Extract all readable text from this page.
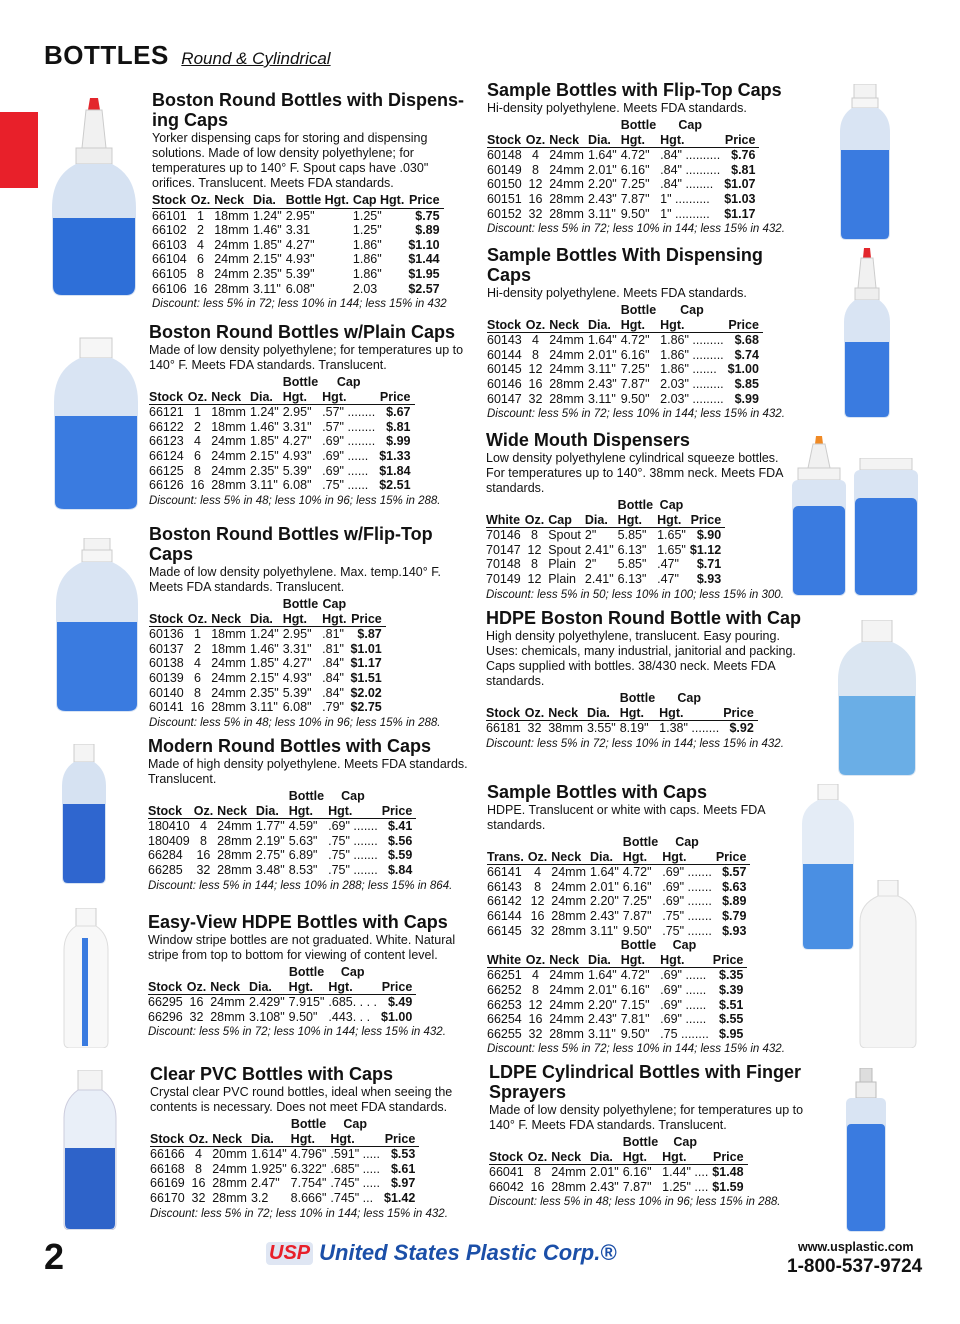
BOTTLES Round & Cylindrical
Boston Round Bottles with Dispens-ing Caps
Yorker dispensing caps for storing and dispensing solutions. Made of low density polyethylene; for temperatures up to 140° F. Spout caps have .030" orifices. Translucent. Meets FDA standards.

Stock	Oz.	Neck	Dia.	Bottle Hgt.	Cap Hgt.	Price
66101	1	18mm	1.24"	2.95"	1.25"	$.75
66102	2	18mm	1.46"	3.31	1.25"	$.89
66103	4	24mm	1.85"	4.27"	1.86"	$1.10
66104	6	24mm	2.15"	4.93"	1.86"	$1.44
66105	8	24mm	2.35"	5.39"	1.86"	$1.95
66106	16	28mm	3.11"	6.08"	2.03	$2.57
Discount: less 5% in 72; less 10% in 144; less 15% in 432
Boston Round Bottles w/Plain Caps
Made of low density polyethylene; for temperatures up to 140° F. Meets FDA standards. Translucent.
				Bottle	Cap	
Stock	Oz.	Neck	Dia.	Hgt.	Hgt.	Price
66121	1	18mm	1.24"	2.95"	.57" ........	$.67
66122	2	18mm	1.46"	3.31"	.57" ........	$.81
66123	4	24mm	1.85"	4.27"	.69" ........	$.99
66124	6	24mm	2.15"	4.93"	.69" ......	$1.33
66125	8	24mm	2.35"	5.39"	.69" ......	$1.84
66126	16	28mm	3.11"	6.08"	.75" ......	$2.51
Discount: less 5% in 48; less 10% in 96; less 15% in 288.
Boston Round Bottles w/Flip-Top Caps
Made of low density polyethylene. Max. temp.140° F. Meets FDA standards. Translucent.
				Bottle	Cap	
Stock	Oz.	Neck	Dia.	Hgt.	Hgt.	Price
60136	1	18mm	1.24"	2.95"	.81"	$.87
60137	2	18mm	1.46"	3.31"	.81"	$1.01
60138	4	24mm	1.85"	4.27"	.84"	$1.17
60139	6	24mm	2.15"	4.93"	.84"	$1.51
60140	8	24mm	2.35"	5.39"	.84"	$2.02
60141	16	28mm	3.11"	6.08"	.79"	$2.75
Discount: less 5% in 48; less 10% in 96; less 15% in 288.
Modern Round Bottles with Caps
Made of high density polyethylene. Meets FDA standards. Translucent.
				Bottle	Cap	
Stock	Oz.	Neck	Dia.	Hgt.	Hgt.	Price
180410	4	24mm	1.77"	4.59"	.69" .......	$.41
180409	8	28mm	2.19"	5.63"	.75" .......	$.56
66284	16	28mm	2.75"	6.89"	.75" .......	$.59
66285	32	28mm	3.48"	8.53"	.75" .......	$.84
Discount: less 5% in 144; less 10% in 288; less 15% in 864.
Easy-View HDPE Bottles with Caps
Window stripe bottles are not graduated. White. Natural stripe from top to bottom for viewing of content level.
				Bottle	Cap	
Stock	Oz.	Neck	Dia.	Hgt.	Hgt.	Price
66295	16	24mm	2.429"	7.915"	.685. . . .	$.49
66296	32	28mm	3.108"	9.50"	.443. . .	$1.00
Discount: less 5% in 72; less 10% in 144; less 15% in 432.
Clear PVC Bottles with Caps
Crystal clear PVC round bottles, ideal when seeing the contents is necessary. Does not meet FDA standards.
				Bottle	Cap	
Stock	Oz.	Neck	Dia.	Hgt.	Hgt.	Price
66166	4	20mm	1.614"	4.796"	.591" .....	$.53
66168	8	24mm	1.925"	6.322"	.685" .....	$.61
66169	16	28mm	2.47"	7.754"	.745" .....	$.97
66170	32	28mm	3.2	8.666"	.745" ...	$1.42
Discount: less 5% in 72; less 10% in 144; less 15% in 432.
Sample Bottles with Flip-Top Caps
Hi-density polyethylene. Meets FDA standards.
				Bottle	Cap	
Stock	Oz.	Neck	Dia.	Hgt.	Hgt.	Price
60148	4	24mm	1.64"	4.72"	.84" ..........	$.76
60149	8	24mm	2.01"	6.16"	.84" ..........	$.81
60150	12	24mm	2.20"	7.25"	.84" ........	$1.07
60151	16	28mm	2.43"	7.87"	1" ..........	$1.03
60152	32	28mm	3.11"	9.50"	1" ..........	$1.17
Discount: less 5% in 72; less 10% in 144; less 15% in 432.
Sample Bottles With Dispensing Caps
Hi-density polyethylene. Meets FDA standards.
				Bottle	Cap	
Stock	Oz.	Neck	Dia.	Hgt.	Hgt.	Price
60143	4	24mm	1.64"	4.72"	1.86" .........	$.68
60144	8	24mm	2.01"	6.16"	1.86" .........	$.74
60145	12	24mm	3.11"	7.25"	1.86" .......	$1.00
60146	16	28mm	2.43"	7.87"	2.03" .........	$.85
60147	32	28mm	3.11"	9.50"	2.03" .........	$.99
Discount: less 5% in 72; less 10% in 144; less 15% in 432.
Wide Mouth Dispensers
Low density polyethylene cylindrical squeeze bottles. For temperatures up to 140°. 38mm neck. Meets FDA standards.
				Bottle	Cap	
White	Oz.	Cap	Dia.	Hgt.	Hgt.	Price
70146	8	Spout	2"	5.85"	1.65"	$.90
70147	12	Spout	2.41"	6.13"	1.65"	$1.12
70148	8	Plain	2"	5.85"	.47"	$.71
70149	12	Plain	2.41"	6.13"	.47"	$.93
Discount: less 5% in 50; less 10% in 100; less 15% in 300.
HDPE Boston Round Bottle with Cap
High density polyethylene, translucent. Easy pouring. Uses: chemicals, many industrial, janitorial and packing. Caps supplied with bottles. 38/430 neck. Meets FDA standards.
				Bottle	Cap	
Stock	Oz.	Neck	Dia.	Hgt.	Hgt.	Price
66181	32	38mm	3.55"	8.19"	1.38" ........	$.92
Discount: less 5% in 72; less 10% in 144; less 15% in 432.
Sample Bottles with Caps
HDPE. Translucent or white with caps. Meets FDA standards.
				Bottle	Cap	
Trans.	Oz.	Neck	Dia.	Hgt.	Hgt.	Price
66141	4	24mm	1.64"	4.72"	.69" .......	$.57
66143	8	24mm	2.01"	6.16"	.69" .......	$.63
66142	12	24mm	2.20"	7.25"	.69" .......	$.89
66144	16	28mm	2.43"	7.87"	.75" .......	$.79
66145	32	28mm	3.11"	9.50"	.75" .......	$.93
				Bottle	Cap	
White	Oz.	Neck	Dia.	Hgt.	Hgt.	Price
66251	4	24mm	1.64"	4.72"	.69" ......	$.35
66252	8	24mm	2.01"	6.16"	.69" ......	$.39
66253	12	24mm	2.20"	7.15"	.69" ......	$.51
66254	16	24mm	2.43"	7.81"	.69" ......	$.55
66255	32	28mm	3.11"	9.50"	.75 ........	$.95
Discount: less 5% in 72; less 10% in 144; less 15% in 432.
LDPE Cylindrical Bottles with Finger Sprayers
Made of low density polyethylene; for temperatures up to 140° F. Meets FDA standards. Translucent.
				Bottle	Cap	
Stock	Oz.	Neck	Dia.	Hgt.	Hgt.	Price
66041	8	24mm	2.01"	6.16"	1.44" ....	$1.48
66042	16	28mm	2.43"	7.87"	1.25" ....	$1.59
Discount: less 5% in 48; less 10% in 96; less 15% in 288.
2	USP United States Plastic Corp.®	www.usplastic.com
1-800-537-9724
